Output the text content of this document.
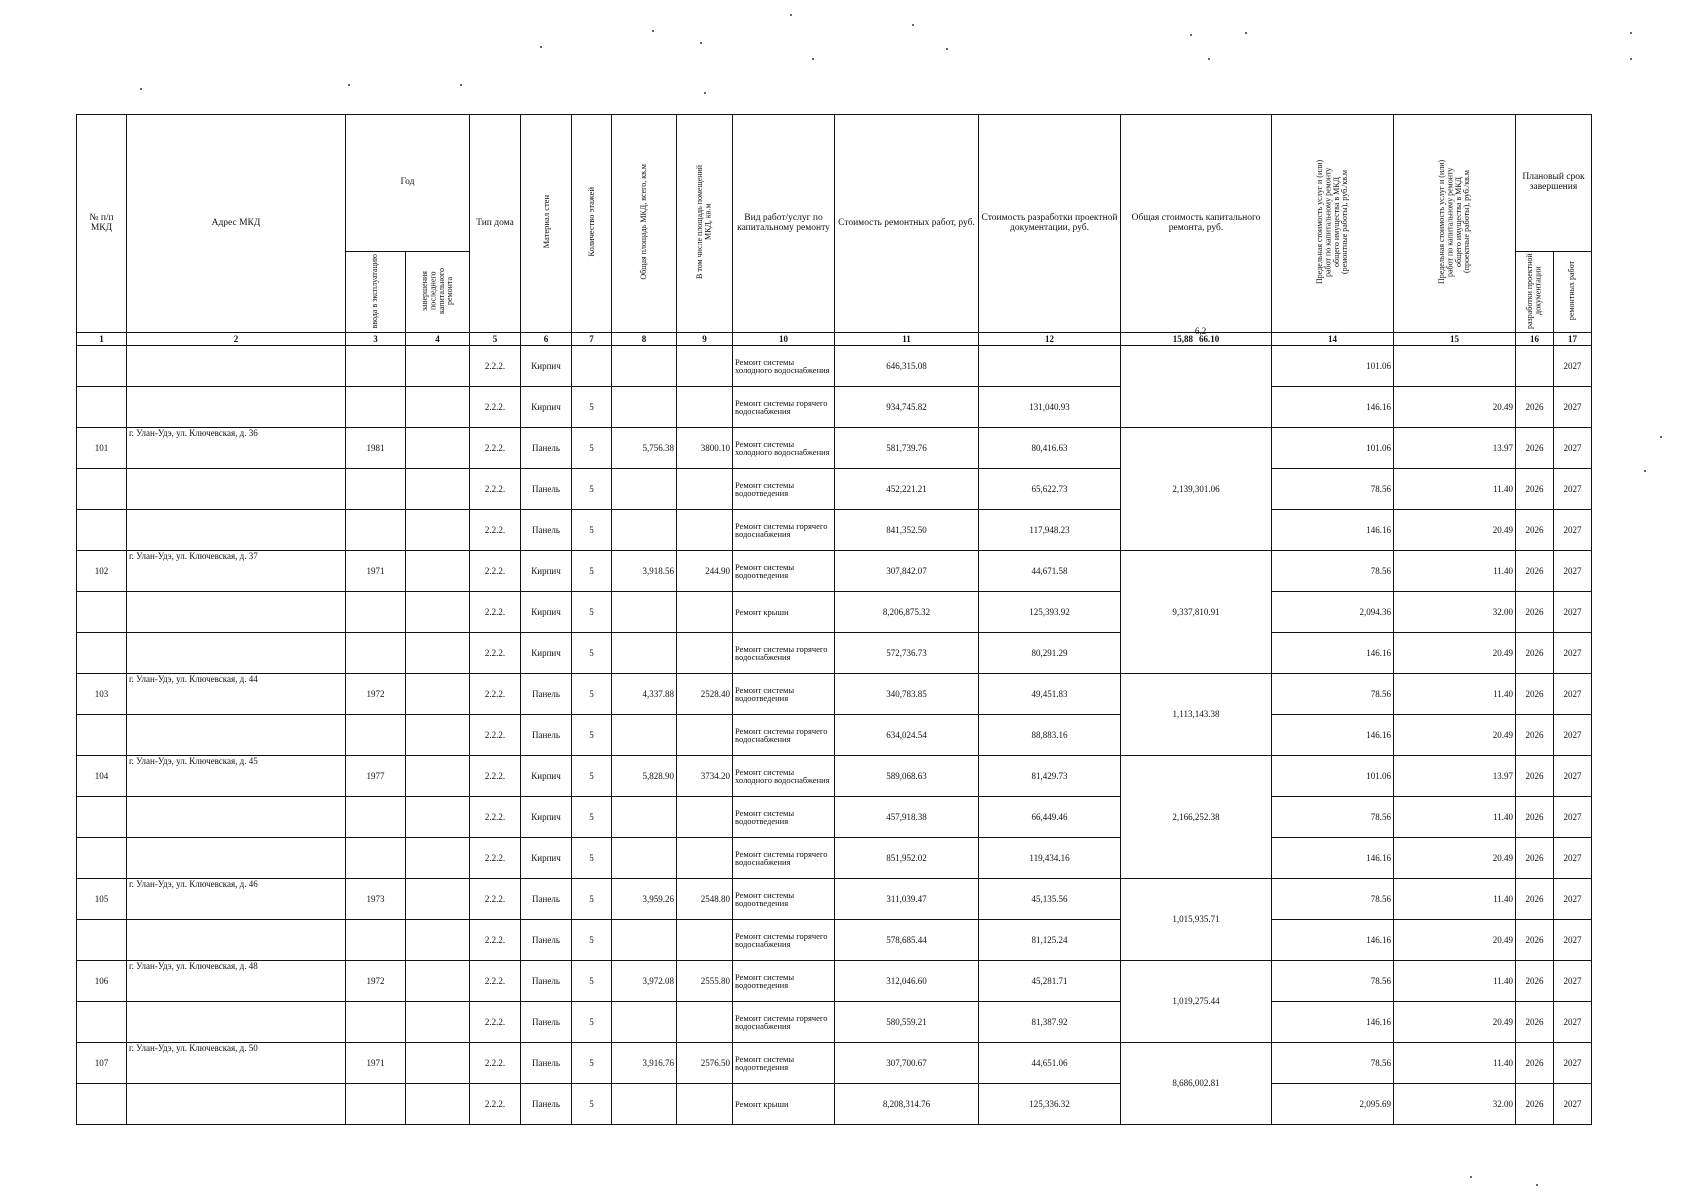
№ п/п МКД	Адрес МКД	Год		Тип дома	Материал стен	Количество этажей	Общая площадь МКД, всего, кв.м	В том числе площадь помещений МКД, кв.м	Вид работ/услуг по капитальному ремонту	Стоимость ремонтных работ, руб.	Стоимость разработки проектной документации, руб.	Общая стоимость капитального ремонта, руб.	Предельная стоимость услуг и (или) работ по капитальному ремонту общего имущества в МКД (ремонтные работы), руб./кв.м	Предельная стоимость услуг и (или) работ по капитальному ремонту общего имущества в МКД (проектные работы), руб./кв.м	Плановый срок завершения	
		ввода в эксплуатацию	завершения последнего капитального ремонта												разработки проектной документации	ремонтных работ
1	2	3	4	5	6	7	8	9	10	11	12	15,88 66.10	14	15	16	17
				2.2.2.	Кирпич				Ремонт системы холодного водоснабжения	646,315.08			101.06			2027
				2.2.2.	Кирпич	5			Ремонт системы горячего водоснабжения	934,745.82	131,040.93		146.16	20.49	2026	2027
101	г. Улан-Удэ, ул. Ключевская, д. 36	1981		2.2.2.	Панель	5	5,756.38	3800.10	Ремонт системы холодного водоснабжения	581,739.76	80,416.63	2,139,301.06	101.06	13.97	2026	2027
				2.2.2.	Панель	5			Ремонт системы водоотведения	452,221.21	65,622.73		78.56	11.40	2026	2027
				2.2.2.	Панель	5			Ремонт системы горячего водоснабжения	841,352.50	117,948.23		146.16	20.49	2026	2027
102	г. Улан-Удэ, ул. Ключевская, д. 37	1971		2.2.2.	Кирпич	5	3,918.56	244.90	Ремонт системы водоотведения	307,842.07	44,671.58	9,337,810.91	78.56	11.40	2026	2027
				2.2.2.	Кирпич	5			Ремонт крыши	8,206,875.32	125,393.92		2,094.36	32.00	2026	2027
				2.2.2.	Кирпич	5			Ремонт системы горячего водоснабжения	572,736.73	80,291.29		146.16	20.49	2026	2027
103	г. Улан-Удэ, ул. Ключевская, д. 44	1972		2.2.2.	Панель	5	4,337.88	2528.40	Ремонт системы водоотведения	340,783.85	49,451.83	1,113,143.38	78.56	11.40	2026	2027
				2.2.2.	Панель	5			Ремонт системы горячего водоснабжения	634,024.54	88,883.16		146.16	20.49	2026	2027
104	г. Улан-Удэ, ул. Ключевская, д. 45	1977		2.2.2.	Кирпич	5	5,828.90	3734.20	Ремонт системы холодного водоснабжения	589,068.63	81,429.73	2,166,252.38	101.06	13.97	2026	2027
				2.2.2.	Кирпич	5			Ремонт системы водоотведения	457,918.38	66,449.46		78.56	11.40	2026	2027
				2.2.2.	Кирпич	5			Ремонт системы горячего водоснабжения	851,952.02	119,434.16		146.16	20.49	2026	2027
105	г. Улан-Удэ, ул. Ключевская, д. 46	1973		2.2.2.	Панель	5	3,959.26	2548.80	Ремонт системы водоотведения	311,039.47	45,135.56	1,015,935.71	78.56	11.40	2026	2027
				2.2.2.	Панель	5			Ремонт системы горячего водоснабжения	578,685.44	81,125.24		146.16	20.49	2026	2027
106	г. Улан-Удэ, ул. Ключевская, д. 48	1972		2.2.2.	Панель	5	3,972.08	2555.80	Ремонт системы водоотведения	312,046.60	45,281.71	1,019,275.44	78.56	11.40	2026	2027
				2.2.2.	Панель	5			Ремонт системы горячего водоснабжения	580,559.21	81,387.92		146.16	20.49	2026	2027
107	г. Улан-Удэ, ул. Ключевская, д. 50	1971		2.2.2.	Панель	5	3,916.76	2576.50	Ремонт системы водоотведения	307,700.67	44,651.06	8,686,002.81	78.56	11.40	2026	2027
				2.2.2.	Панель	5			Ремонт крыши	8,208,314.76	125,336.32		2,095.69	32.00	2026	2027
6,2
